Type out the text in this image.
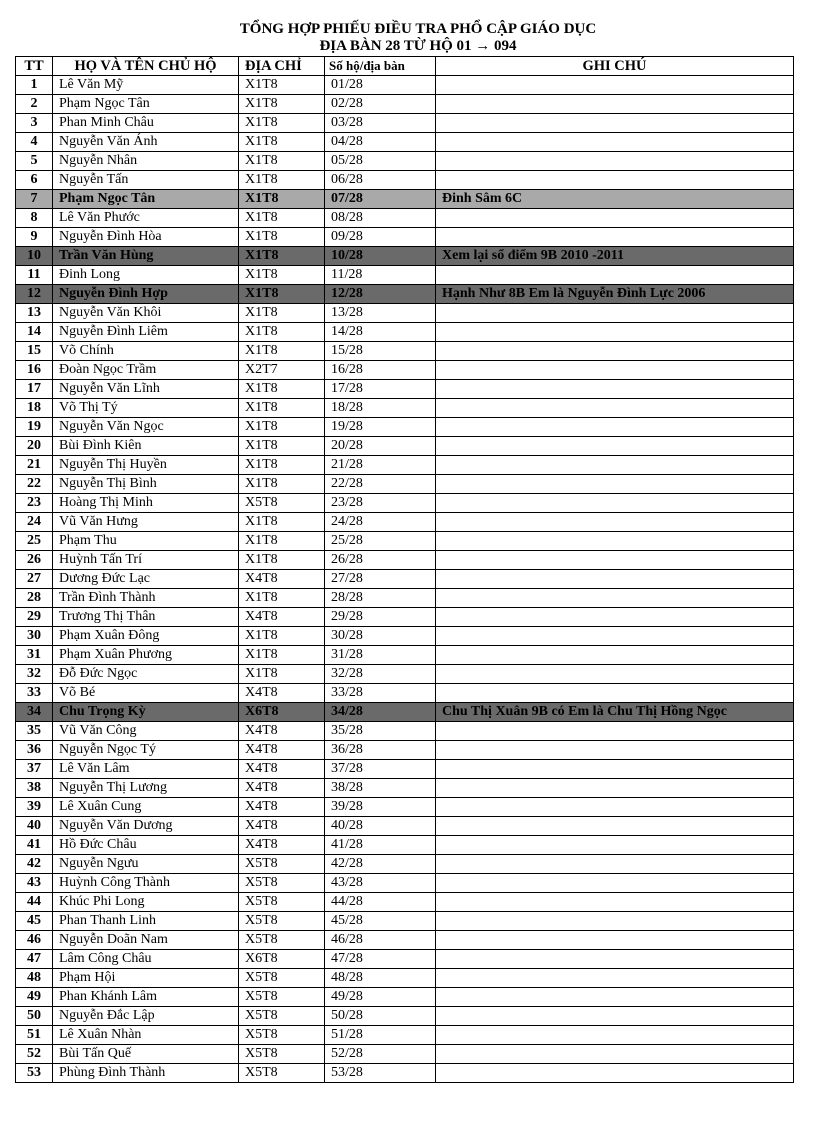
TỔNG HỢP PHIẾU ĐIỀU TRA PHỔ CẬP GIÁO DỤC
ĐỊA BÀN 28 TỪ HỘ 01 → 094
TT	HỌ VÀ TÊN CHỦ HỘ	ĐỊA CHỈ	Số hộ/địa bàn	GHI CHÚ
1	Lê Văn Mỹ	X1T8	01/28	
2	Phạm Ngọc Tân	X1T8	02/28	
3	Phan Minh Châu	X1T8	03/28	
4	Nguyễn Văn Ánh	X1T8	04/28	
5	Nguyễn Nhân	X1T8	05/28	
6	Nguyễn Tấn	X1T8	06/28	
7	Phạm Ngọc Tân	X1T8	07/28	Đinh Sâm 6C
8	Lê Văn Phước	X1T8	08/28	
9	Nguyễn Đình Hòa	X1T8	09/28	
10	Trần Văn Hùng	X1T8	10/28	Xem lại sổ điểm 9B 2010 -2011
11	Đinh Long	X1T8	11/28	
12	Nguyễn Đình Hợp	X1T8	12/28	Hạnh Như 8B Em là Nguyễn Đình Lực 2006
13	Nguyễn Văn Khôi	X1T8	13/28	
14	Nguyễn Đình Liêm	X1T8	14/28	
15	Võ Chính	X1T8	15/28	
16	Đoàn Ngọc Trầm	X2T7	16/28	
17	Nguyễn Văn Lĩnh	X1T8	17/28	
18	Võ Thị Tý	X1T8	18/28	
19	Nguyễn Văn Ngọc	X1T8	19/28	
20	Bùi Đình Kiên	X1T8	20/28	
21	Nguyễn Thị Huyền	X1T8	21/28	
22	Nguyễn Thị Bình	X1T8	22/28	
23	Hoàng Thị Minh	X5T8	23/28	
24	Vũ Văn Hưng	X1T8	24/28	
25	Phạm Thu	X1T8	25/28	
26	Huỳnh Tấn Trí	X1T8	26/28	
27	Dương Đức Lạc	X4T8	27/28	
28	Trần Đình Thành	X1T8	28/28	
29	Trương Thị Thân	X4T8	29/28	
30	Phạm Xuân Đông	X1T8	30/28	
31	Phạm Xuân Phương	X1T8	31/28	
32	Đỗ Đức Ngọc	X1T8	32/28	
33	Võ Bé	X4T8	33/28	
34	Chu Trọng Kỳ	X6T8	34/28	Chu Thị Xuân 9B có Em là Chu Thị Hồng Ngọc
35	Vũ Văn Công	X4T8	35/28	
36	Nguyễn Ngọc Tý	X4T8	36/28	
37	Lê Văn Lâm	X4T8	37/28	
38	Nguyễn Thị Lương	X4T8	38/28	
39	Lê Xuân Cung	X4T8	39/28	
40	Nguyễn Văn Dương	X4T8	40/28	
41	Hồ Đức Châu	X4T8	41/28	
42	Nguyễn Ngưu	X5T8	42/28	
43	Huỳnh Công Thành	X5T8	43/28	
44	Khúc Phi Long	X5T8	44/28	
45	Phan Thanh Linh	X5T8	45/28	
46	Nguyễn Doãn Nam	X5T8	46/28	
47	Lâm Công Châu	X6T8	47/28	
48	Phạm Hội	X5T8	48/28	
49	Phan Khánh Lâm	X5T8	49/28	
50	Nguyễn Đắc Lập	X5T8	50/28	
51	Lê Xuân Nhàn	X5T8	51/28	
52	Bùi Tấn Quế	X5T8	52/28	
53	Phùng Đình Thành	X5T8	53/28	
